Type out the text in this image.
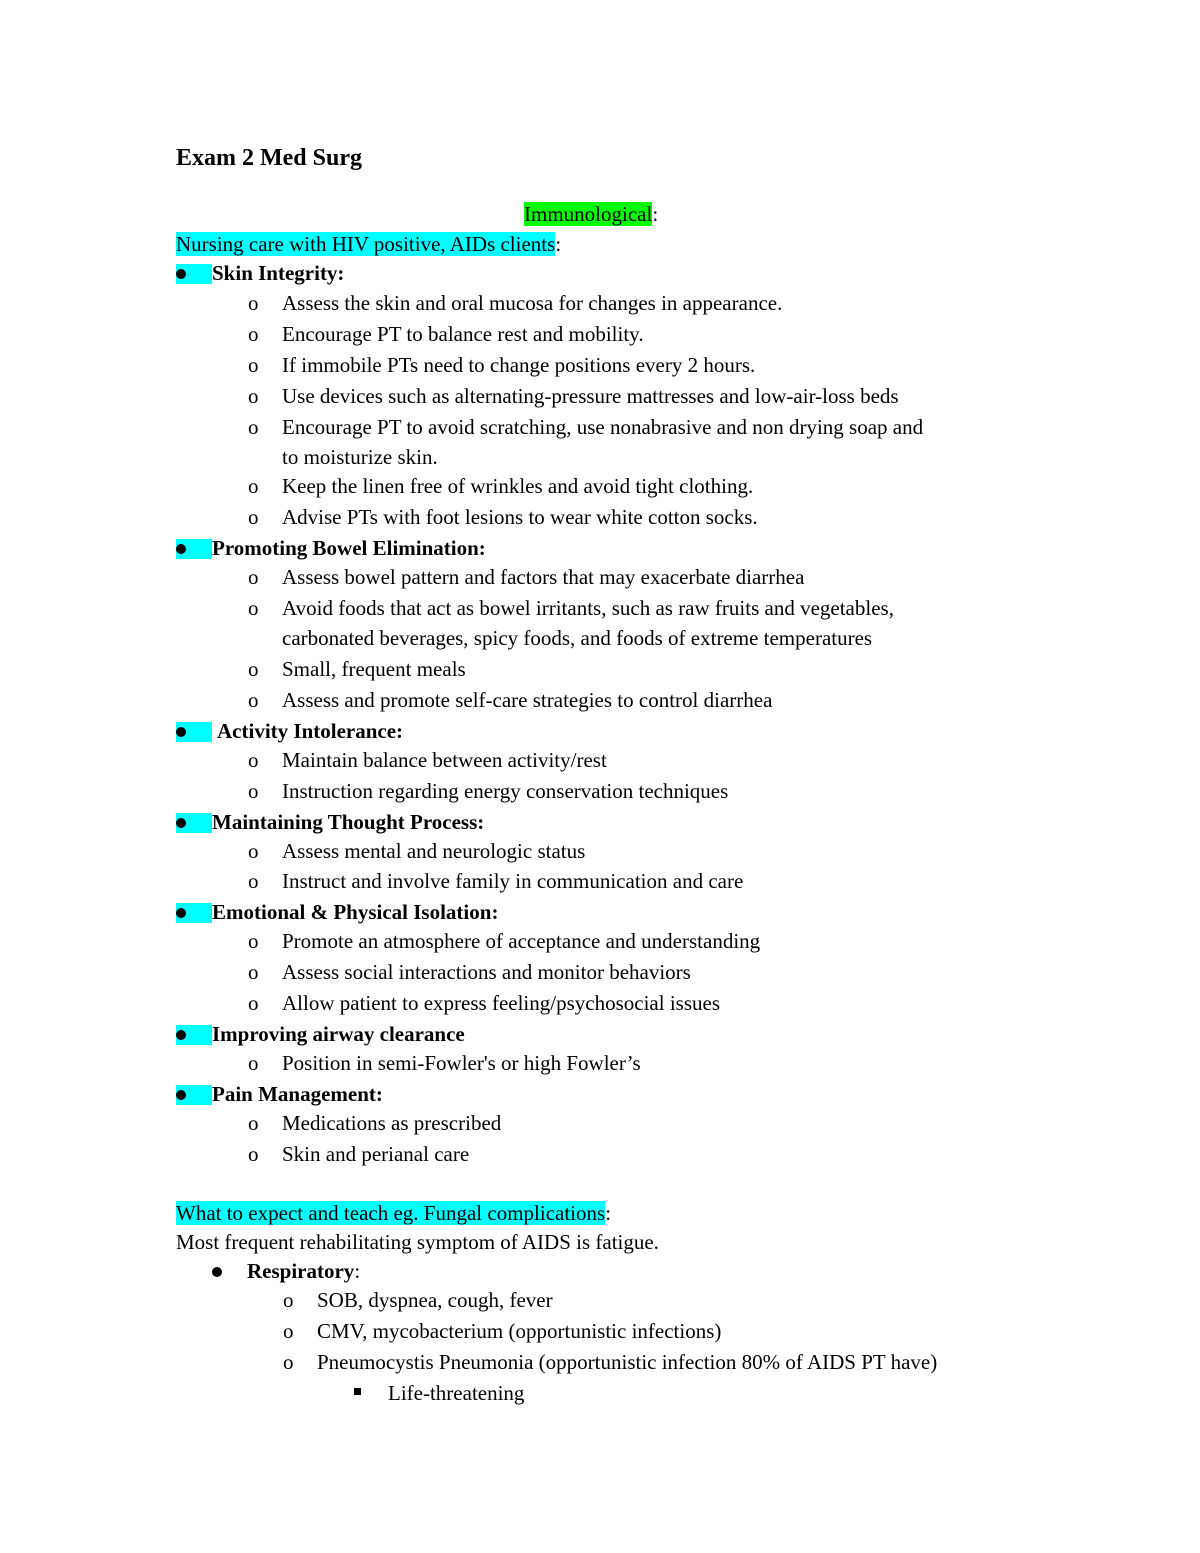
Exam 2 Med Surg
Immunological:
Nursing care with HIV positive, AIDs clients:
Skin Integrity:
o Assess the skin and oral mucosa for changes in appearance.
o Encourage PT to balance rest and mobility.
o If immobile PTs need to change positions every 2 hours.
o Use devices such as alternating-pressure mattresses and low-air-loss beds
o Encourage PT to avoid scratching, use nonabrasive and non drying soap and
to moisturize skin.
o Keep the linen free of wrinkles and avoid tight clothing.
o Advise PTs with foot lesions to wear white cotton socks.
Promoting Bowel Elimination:
o Assess bowel pattern and factors that may exacerbate diarrhea
o Avoid foods that act as bowel irritants, such as raw fruits and vegetables,
carbonated beverages, spicy foods, and foods of extreme temperatures
o Small, frequent meals
o Assess and promote self-care strategies to control diarrhea
Activity Intolerance:
o Maintain balance between activity/rest
o Instruction regarding energy conservation techniques
Maintaining Thought Process:
o Assess mental and neurologic status
o Instruct and involve family in communication and care
Emotional & Physical Isolation:
o Promote an atmosphere of acceptance and understanding
o Assess social interactions and monitor behaviors
o Allow patient to express feeling/psychosocial issues
Improving airway clearance
o Position in semi-Fowler's or high Fowler’s
Pain Management:
o Medications as prescribed
o Skin and perianal care
What to expect and teach eg. Fungal complications:
Most frequent rehabilitating symptom of AIDS is fatigue.
Respiratory:
o SOB, dyspnea, cough, fever
o CMV, mycobacterium (opportunistic infections)
o Pneumocystis Pneumonia (opportunistic infection 80% of AIDS PT have)
Life-threatening
